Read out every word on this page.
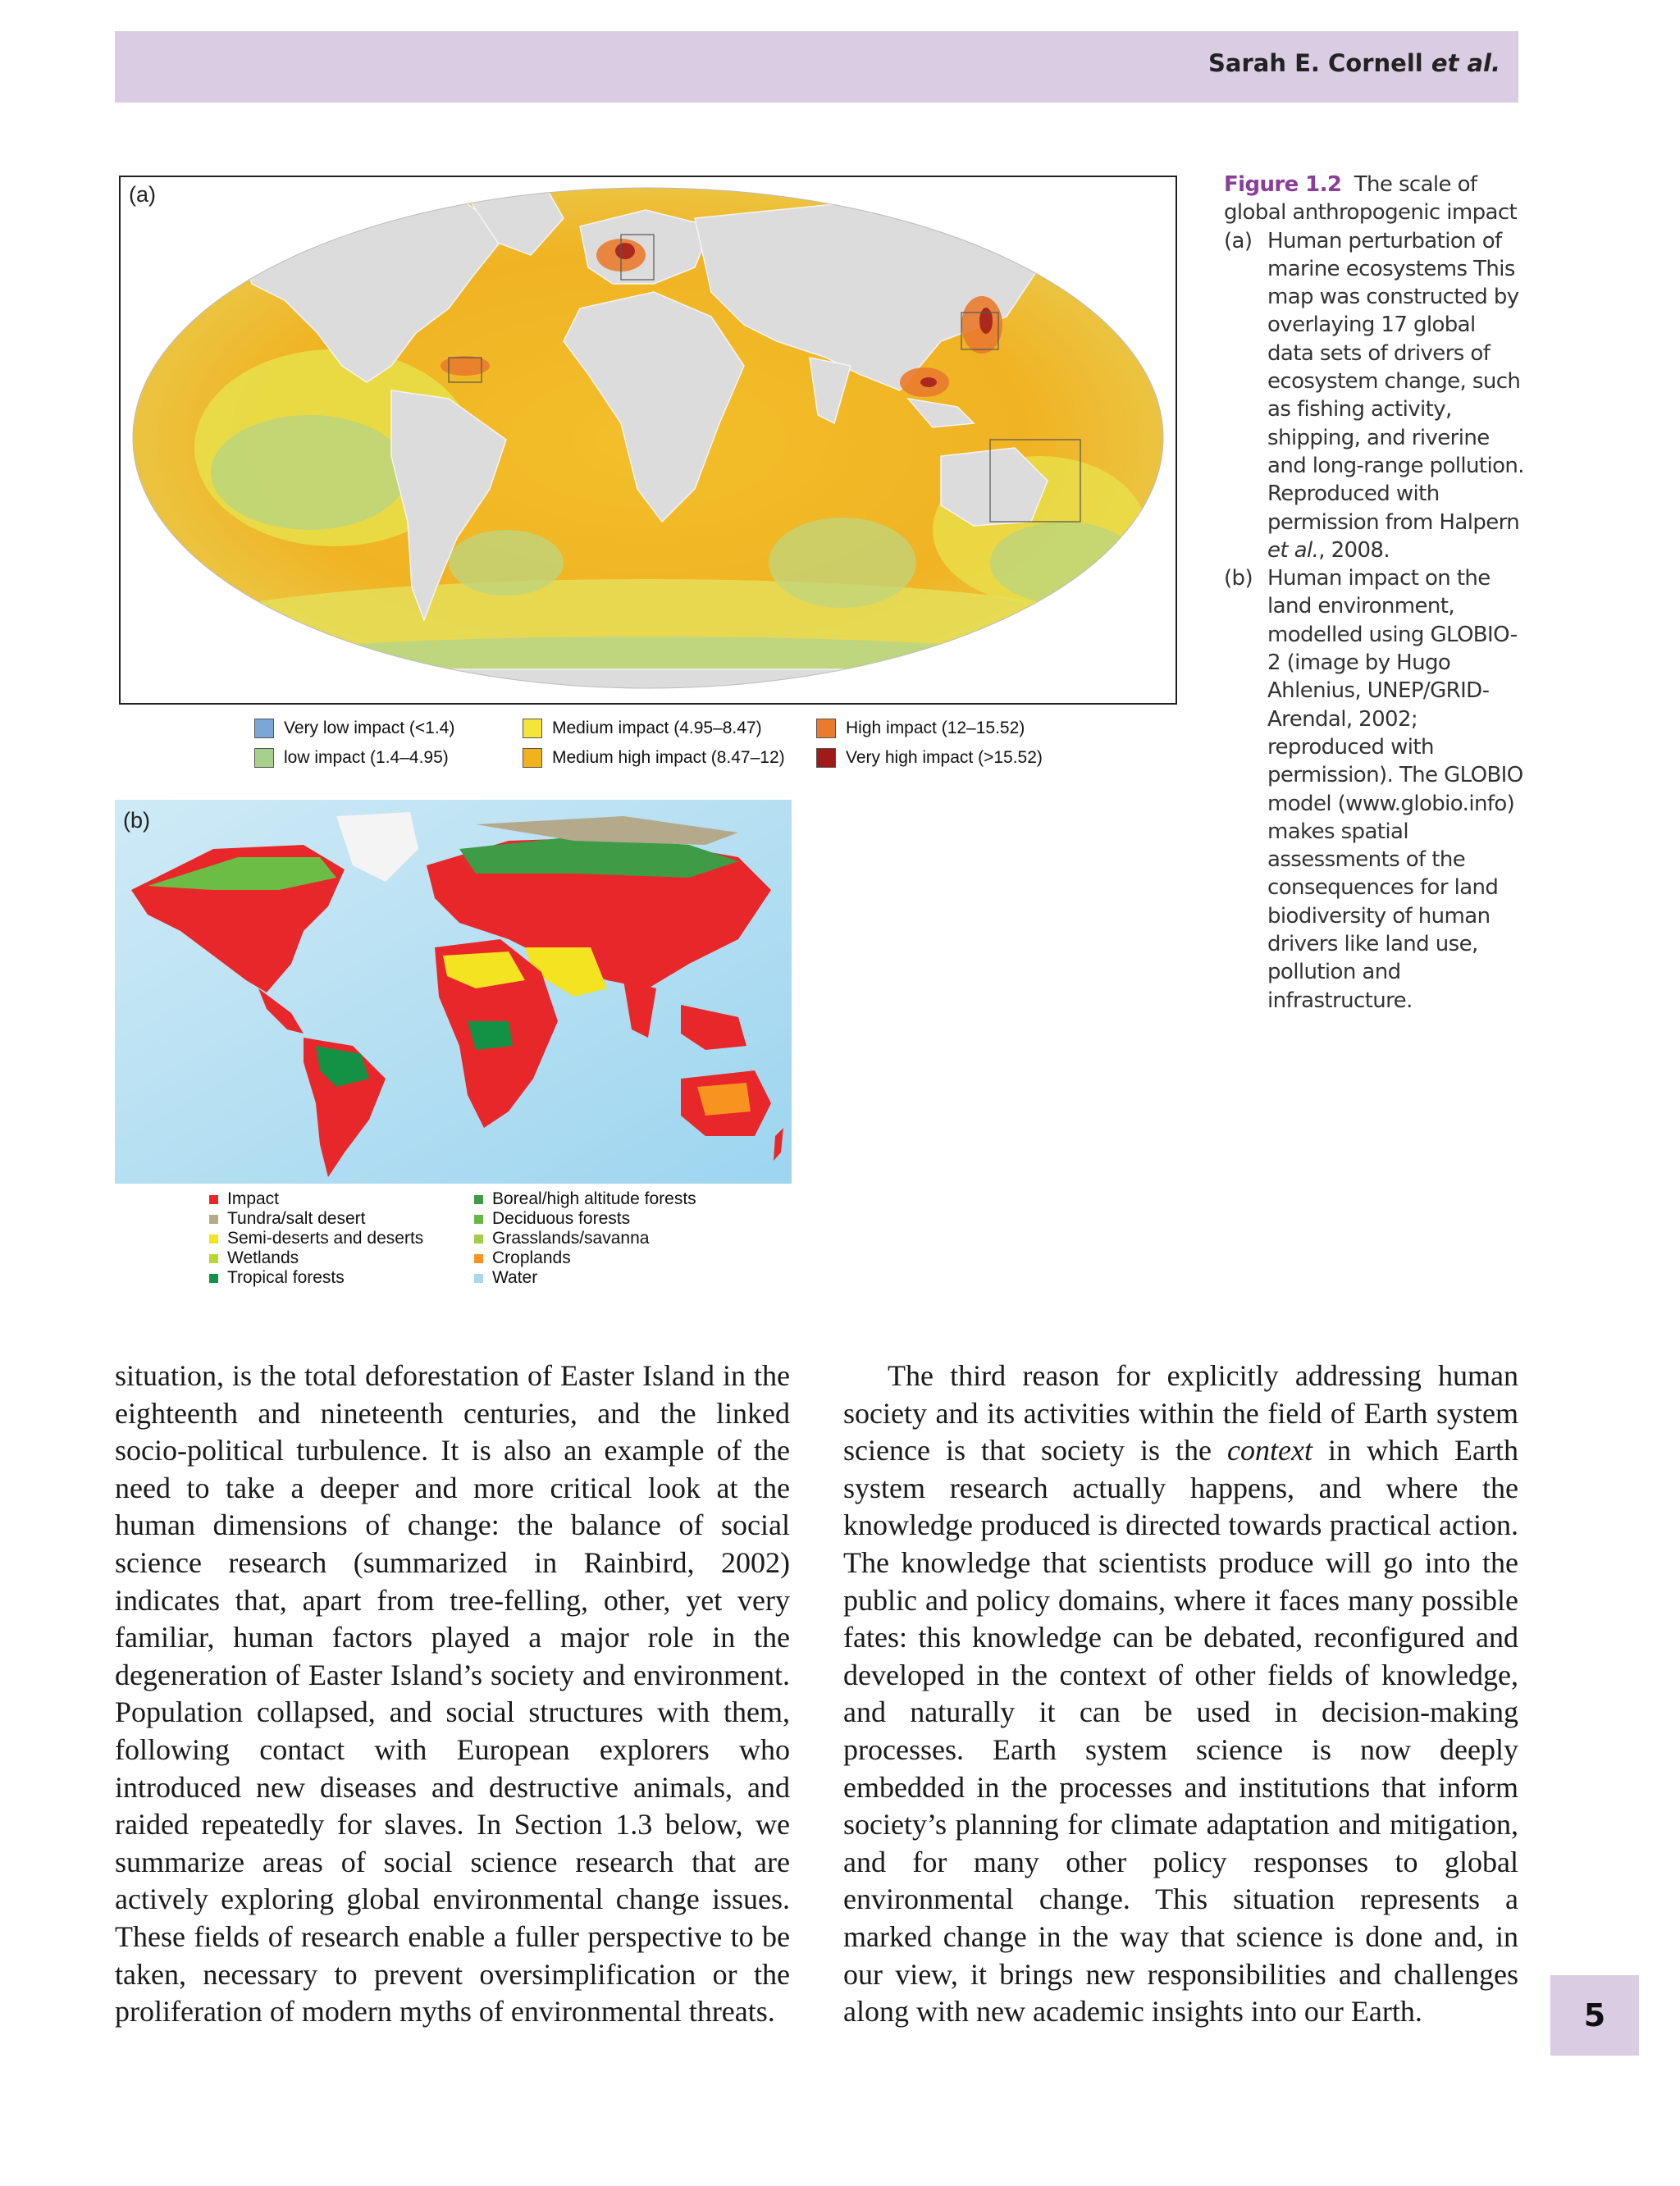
Sarah E. Cornell et al.
(a)
Very low impact (<1.4)
low impact (1.4–4.95)
Medium impact (4.95–8.47)
Medium high impact (8.47–12)
High impact (12–15.52)
Very high impact (>15.52)
(b)
Impact
Tundra/salt desert
Semi-deserts and deserts
Wetlands
Tropical forests
Boreal/high altitude forests
Deciduous forests
Grasslands/savanna
Croplands
Water
Figure 1.2 The scale of global anthropogenic impact
(a) Human perturbation of marine ecosystems This map was constructed by overlaying 17 global data sets of drivers of ecosystem change, such as fishing activity, shipping, and riverine and long-range pollution. Reproduced with permission from Halpern et al., 2008.
(b) Human impact on the land environment, modelled using GLOBIO-2 (image by Hugo Ahlenius, UNEP/GRID-Arendal, 2002; reproduced with permission). The GLOBIO model (www.globio.info) makes spatial assessments of the consequences for land biodiversity of human drivers like land use, pollution and infrastructure.

situation, is the total deforestation of Easter Island in the eighteenth and nineteenth centuries, and the linked socio-political turbulence. It is also an example of the need to take a deeper and more critical look at the human dimensions of change: the balance of social science research (summarized in Rainbird, 2002) indicates that, apart from tree-felling, other, yet very familiar, human factors played a major role in the degeneration of Easter Island’s society and environment. Population collapsed, and social structures with them, following contact with European explorers who introduced new diseases and destructive animals, and raided repeatedly for slaves. In Section 1.3 below, we summarize areas of social science research that are actively exploring global environmental change issues. These fields of research enable a fuller perspective to be taken, necessary to prevent oversimplification or the proliferation of modern myths of environmental threats.

The third reason for explicitly addressing human society and its activities within the field of Earth system science is that society is the context in which Earth system research actually happens, and where the knowledge produced is directed towards practical action. The knowledge that scientists produce will go into the public and policy domains, where it faces many possible fates: this knowledge can be debated, reconfigured and developed in the context of other fields of knowledge, and naturally it can be used in decision-making processes. Earth system science is now deeply embedded in the processes and institutions that inform society’s planning for climate adaptation and mitigation, and for many other policy responses to global environmental change. This situation represents a marked change in the way that science is done and, in our view, it brings new responsibilities and challenges along with new academic insights into our Earth.	5
